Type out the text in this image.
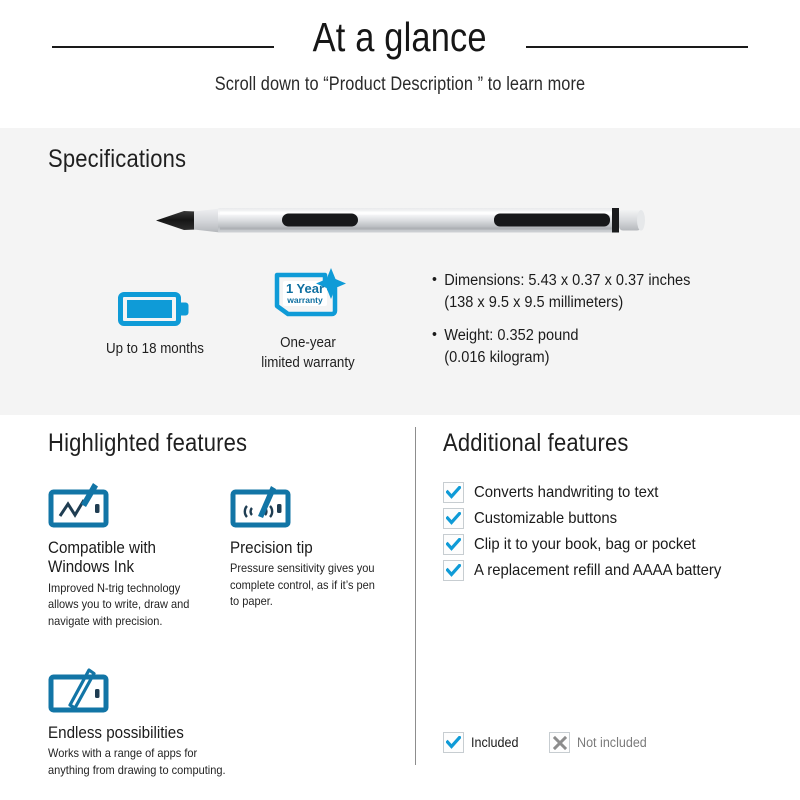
At a glance
Scroll down to “Product Description ” to learn more
Specifications
Up to 18 months
1 Year
warranty
One-year
limited warranty
• Dimensions: 5.43 x 0.37 x 0.37 inches
(138 x 9.5 x 9.5 millimeters)
• Weight: 0.352 pound
(0.016 kilogram)
Highlighted features
Compatible with Windows Ink
Improved N-trig technology allows you to write, draw and navigate with precision.
Precision tip
Pressure sensitivity gives you complete control, as if it’s pen to paper.
Endless possibilities
Works with a range of apps for anything from drawing to computing.
Additional features
Converts handwriting to text
Customizable buttons
Clip it to your book, bag or pocket
A replacement refill and AAAA battery
Included	Not included
